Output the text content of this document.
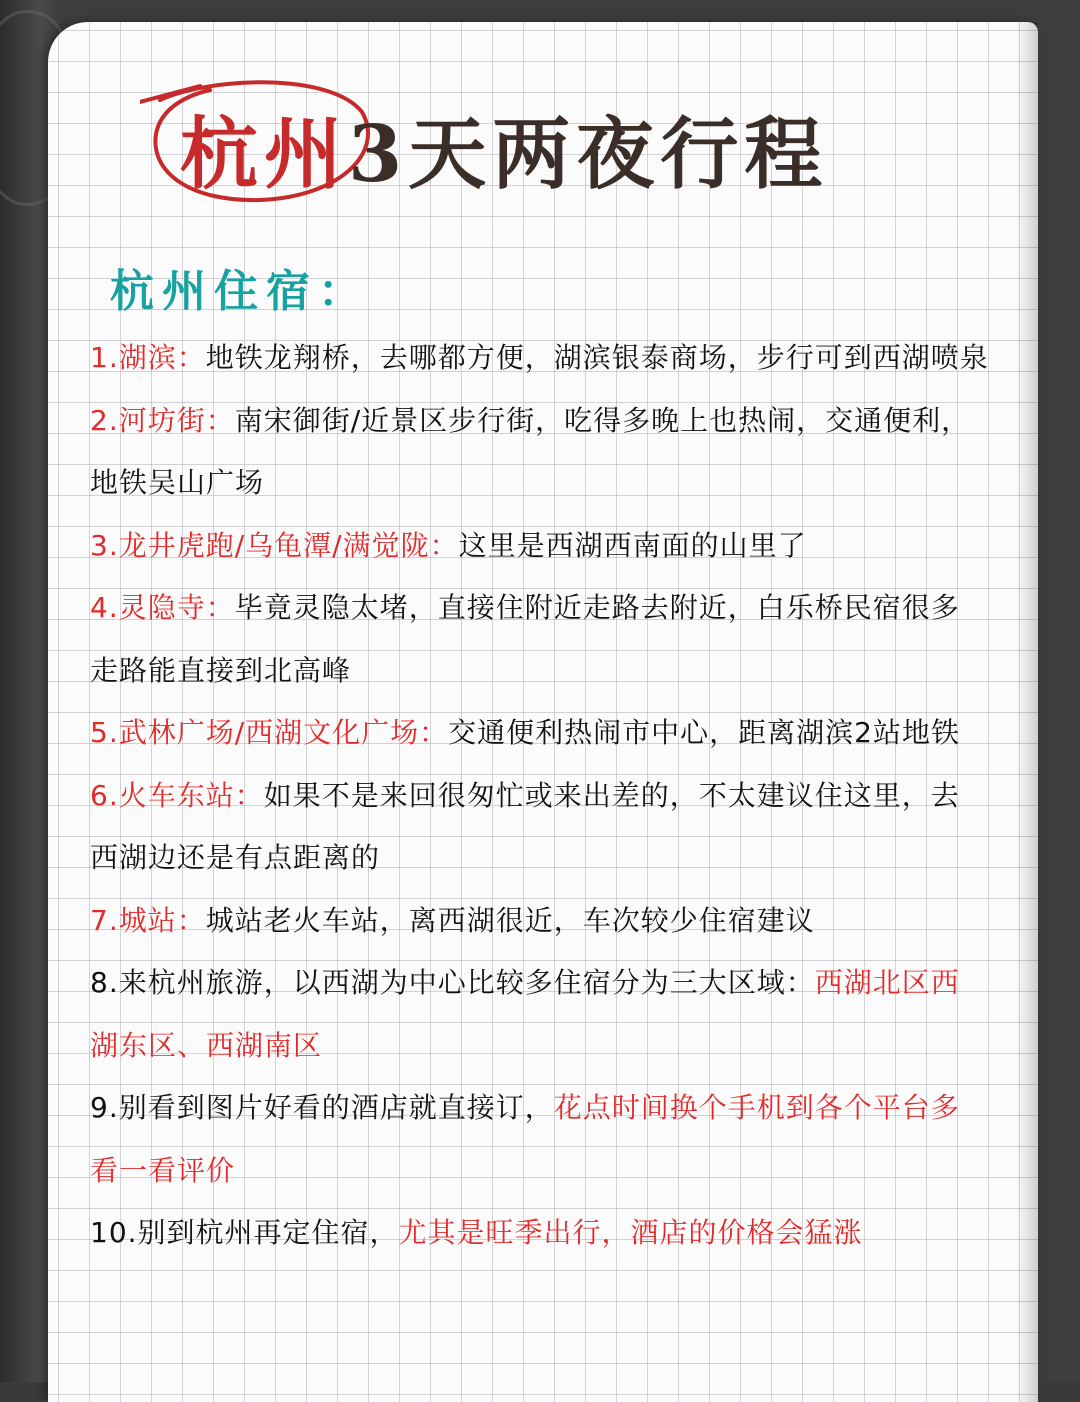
杭州3天两夜行程
杭州住宿：
1.湖滨：地铁龙翔桥，去哪都方便，湖滨银泰商场，步行可到西湖喷泉
2.河坊街：南宋御街/近景区步行街，吃得多晚上也热闹，交通便利，
地铁吴山广场
3.龙井虎跑/乌龟潭/满觉陇：这里是西湖西南面的山里了
4.灵隐寺：毕竟灵隐太堵，直接住附近走路去附近，白乐桥民宿很多
走路能直接到北高峰
5.武林广场/西湖文化广场：交通便利热闹市中心，距离湖滨2站地铁
6.火车东站：如果不是来回很匆忙或来出差的，不太建议住这里，去
西湖边还是有点距离的
7.城站：城站老火车站，离西湖很近，车次较少住宿建议
8.来杭州旅游，以西湖为中心比较多住宿分为三大区域：西湖北区西
湖东区、西湖南区
9.别看到图片好看的酒店就直接订，花点时间换个手机到各个平台多
看一看评价
10.别到杭州再定住宿，尤其是旺季出行，酒店的价格会猛涨
